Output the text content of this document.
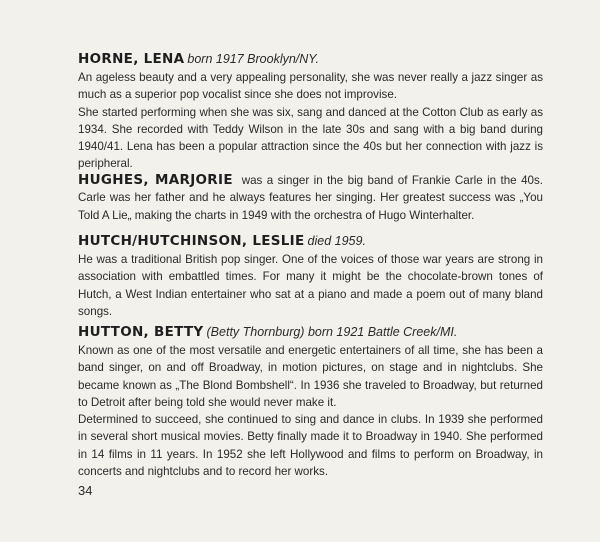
HORNE, LENA born 1917 Brooklyn/NY.

An ageless beauty and a very appealing personality, she was never really a jazz singer as much as a superior pop vocalist since she does not improvise.

She started performing when she was six, sang and danced at the Cotton Club as early as 1934. She recorded with Teddy Wilson in the late 30s and sang with a big band during 1940/41. Lena has been a popular attraction since the 40s but her connection with jazz is peripheral.

HUGHES, MARJORIE was a singer in the big band of Frankie Carle in the 40s. Carle was her father and he always features her singing. Her greatest success was „You Told A Lie„ making the charts in 1949 with the orchestra of Hugo Winterhalter.

HUTCH/HUTCHINSON, LESLIE died 1959.

He was a traditional British pop singer. One of the voices of those war years are strong in association with embattled times. For many it might be the chocolate-brown tones of Hutch, a West Indian entertainer who sat at a piano and made a poem out of many bland songs.

HUTTON, BETTY (Betty Thornburg) born 1921 Battle Creek/MI.

Known as one of the most versatile and energetic entertainers of all time, she has been a band singer, on and off Broadway, in motion pictures, on stage and in nightclubs. She became known as „The Blond Bombshell“. In 1936 she traveled to Broadway, but returned to Detroit after being told she would never make it.

Determined to succeed, she continued to sing and dance in clubs. In 1939 she performed in several short musical movies. Betty finally made it to Broadway in 1940. She performed in 14 films in 11 years. In 1952 she left Hollywood and films to perform on Broadway, in concerts and nightclubs and to record her works.

34
